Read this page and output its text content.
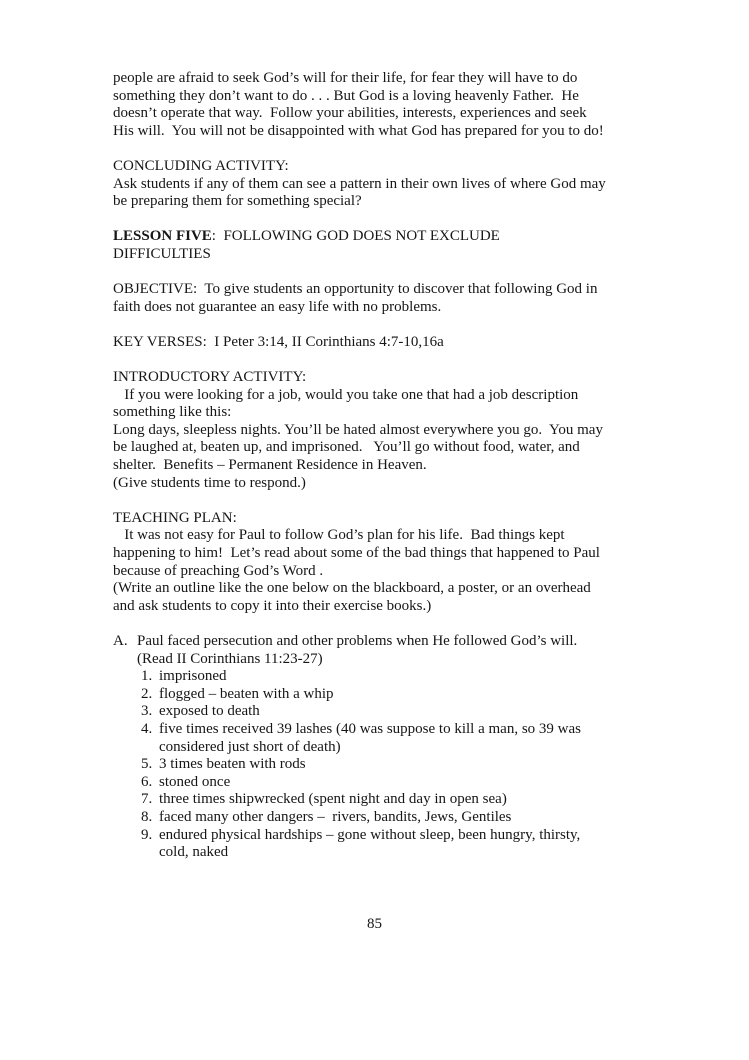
people are afraid to seek God’s will for their life, for fear they will have to do
something they don’t want to do . . . But God is a loving heavenly Father.  He
doesn’t operate that way.  Follow your abilities, interests, experiences and seek
His will.  You will not be disappointed with what God has prepared for you to do!
CONCLUDING ACTIVITY:
Ask students if any of them can see a pattern in their own lives of where God may
be preparing them for something special?
LESSON FIVE:  FOLLOWING GOD DOES NOT EXCLUDE
DIFFICULTIES
OBJECTIVE:  To give students an opportunity to discover that following God in
faith does not guarantee an easy life with no problems.
KEY VERSES:  I Peter 3:14, II Corinthians 4:7-10,16a
INTRODUCTORY ACTIVITY:
If you were looking for a job, would you take one that had a job description
something like this:
Long days, sleepless nights. You’ll be hated almost everywhere you go.  You may
be laughed at, beaten up, and imprisoned.   You’ll go without food, water, and
shelter.  Benefits – Permanent Residence in Heaven.
(Give students time to respond.)
TEACHING PLAN:
It was not easy for Paul to follow God’s plan for his life.  Bad things kept
happening to him!  Let’s read about some of the bad things that happened to Paul
because of preaching God’s Word .
(Write an outline like the one below on the blackboard, a poster, or an overhead
and ask students to copy it into their exercise books.)
A. Paul faced persecution and other problems when He followed God’s will.
(Read II Corinthians 11:23-27)
1. imprisoned
2. flogged – beaten with a whip
3. exposed to death
4. five times received 39 lashes (40 was suppose to kill a man, so 39 was
considered just short of death)
5. 3 times beaten with rods
6. stoned once
7. three times shipwrecked (spent night and day in open sea)
8. faced many other dangers –  rivers, bandits, Jews, Gentiles
9. endured physical hardships – gone without sleep, been hungry, thirsty,
cold, naked
85
